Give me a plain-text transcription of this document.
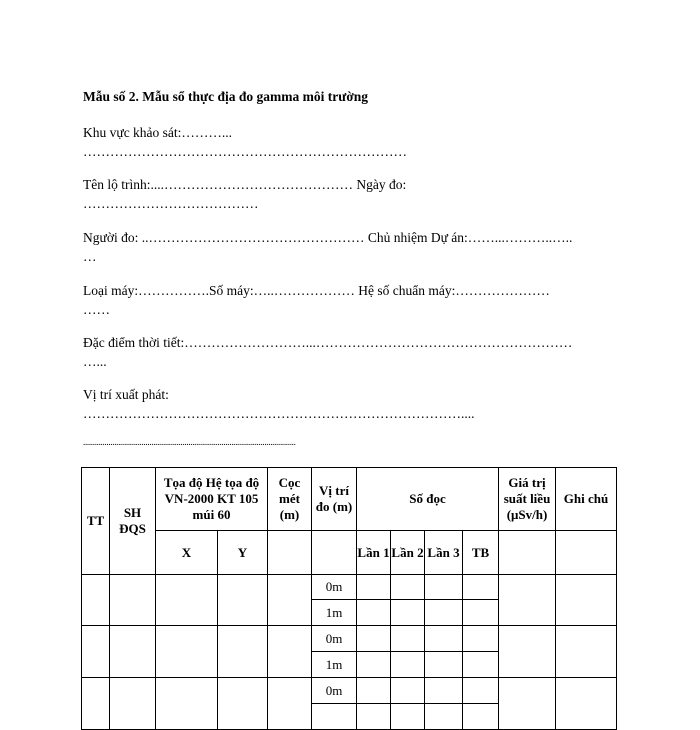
Mẫu số 2. Mẫu sổ thực địa đo gamma môi trường
Khu vực khảo sát:………...
………………………………………………………………
Tên lộ trình:....…………………………………… Ngày đo:
…………………………………
Người đo: ..………………………………………… Chủ nhiệm Dự án:……...………..…..
…
Loại máy:…………….Số máy:…..……………… Hệ số chuẩn máy:…………………
……
Đặc điểm thời tiết:………………………...…………………………………………………
…...
Vị trí xuất phát:
…………………………………………………………………………....
.............................................................................................................
TT	SH ĐQS	Tọa độ Hệ tọa độ VN-2000 KT 105 múi 60		Cọc mét (m)	Vị trí đo (m)	Số đọc				Giá trị suất liều (μSv/h)	Ghi chú
		X	Y			Lần 1	Lần 2	Lần 3	TB		
					0m						
					1m						
					0m						
					1m						
					0m						
